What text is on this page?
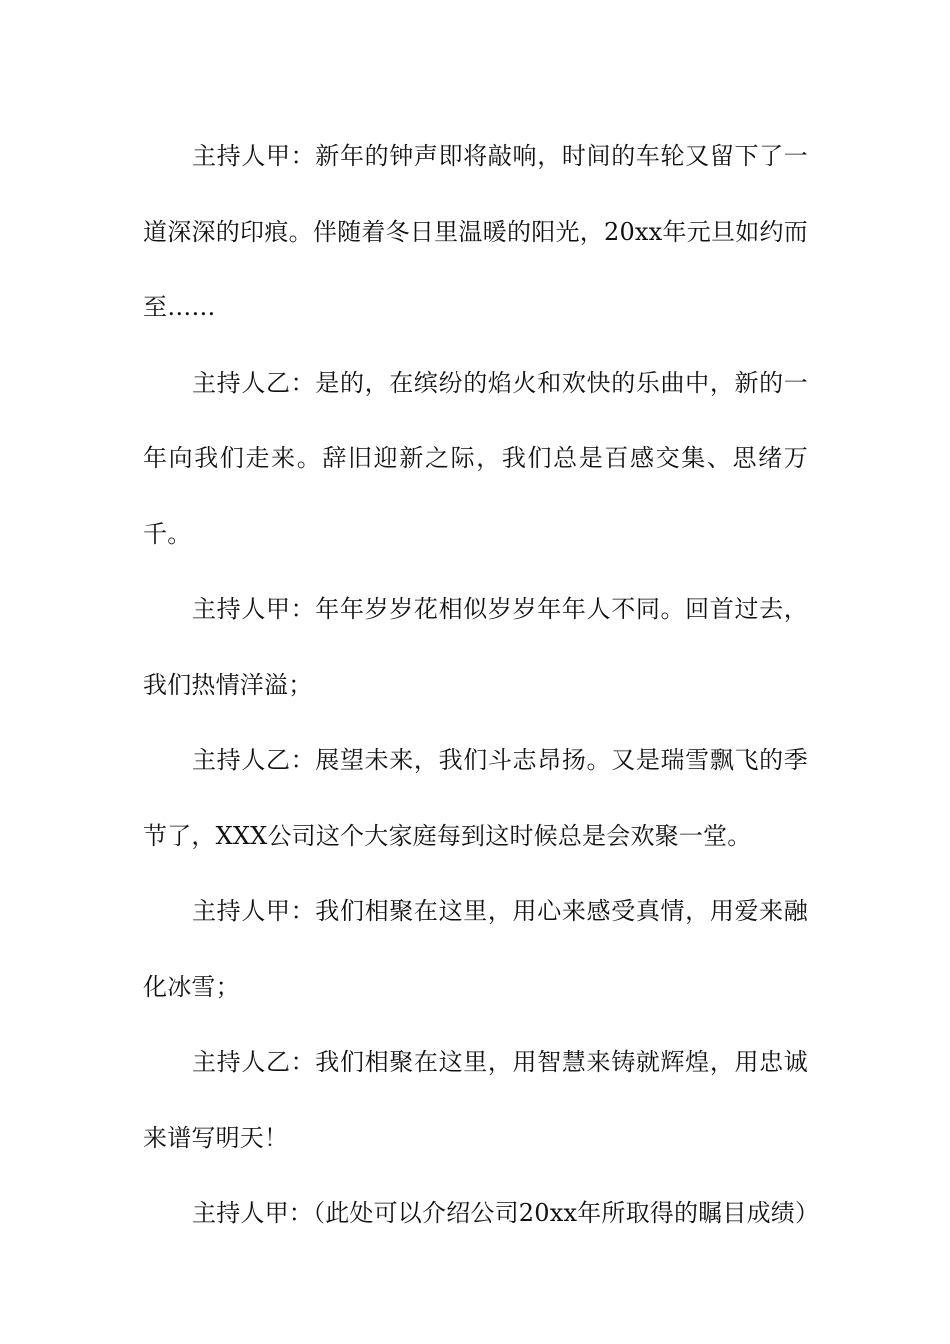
主持人甲：新年的钟声即将敲响，时间的车轮又留下了一道深深的印痕。伴随着冬日里温暖的阳光，20xx年元旦如约而至……

主持人乙：是的，在缤纷的焰火和欢快的乐曲中，新的一年向我们走来。辞旧迎新之际，我们总是百感交集、思绪万千。

主持人甲：年年岁岁花相似岁岁年年人不同。回首过去，我们热情洋溢；

主持人乙：展望未来，我们斗志昂扬。又是瑞雪飘飞的季节了，XXX公司这个大家庭每到这时候总是会欢聚一堂。

主持人甲：我们相聚在这里，用心来感受真情，用爱来融化冰雪；

主持人乙：我们相聚在这里，用智慧来铸就辉煌，用忠诚来谱写明天！

主持人甲：（此处可以介绍公司20xx年所取得的瞩目成绩）
